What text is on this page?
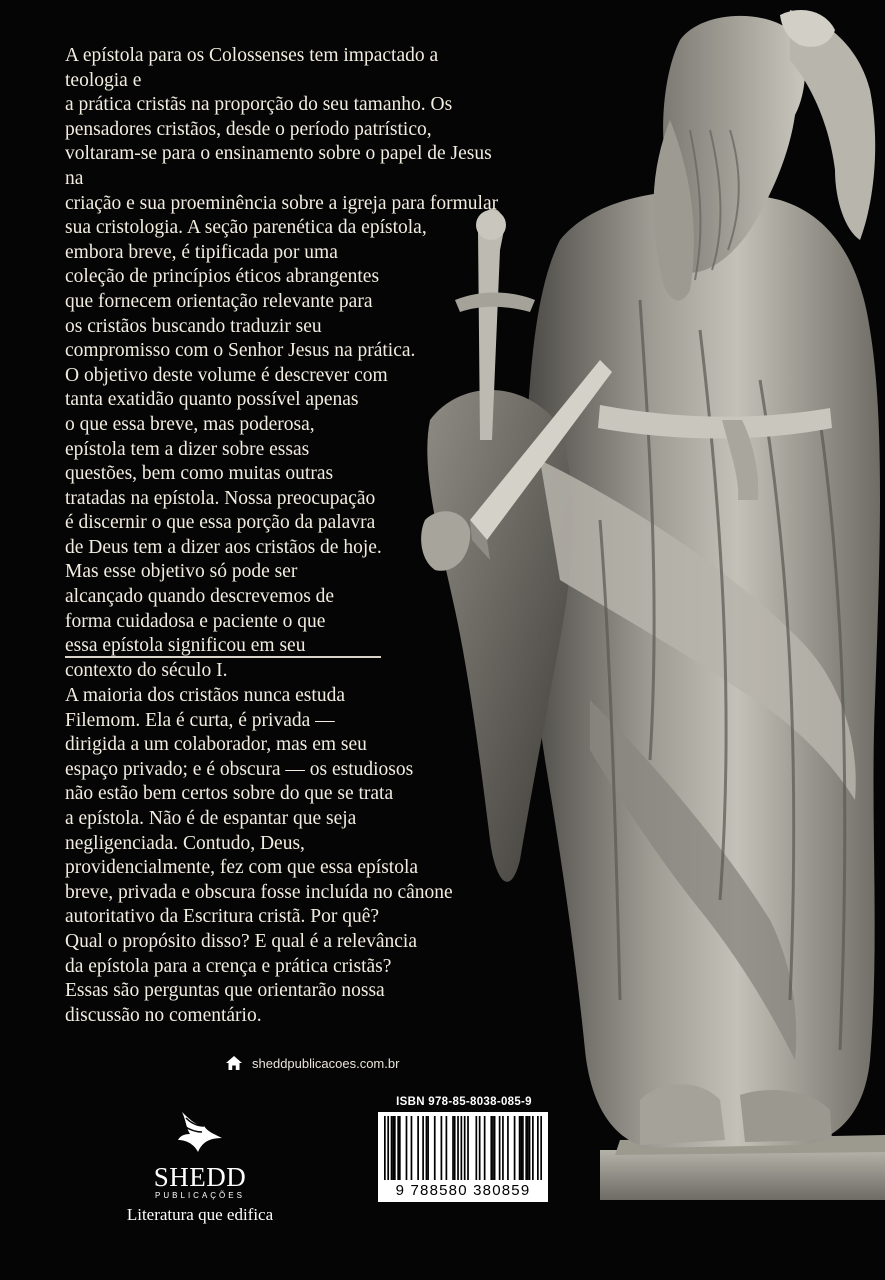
A epístola para os Colossenses tem impactado a teologia e

a prática cristãs na proporção do seu tamanho. Os

pensadores cristãos, desde o período patrístico,

voltaram-se para o ensinamento sobre o papel de Jesus na

criação e sua proeminência sobre a igreja para formular

sua cristologia. A seção parenética da epístola,

embora breve, é tipificada por uma

coleção de princípios éticos abrangentes

que fornecem orientação relevante para

os cristãos buscando traduzir seu

compromisso com o Senhor Jesus na prática.

O objetivo deste volume é descrever com

tanta exatidão quanto possível apenas

o que essa breve, mas poderosa,

epístola tem a dizer sobre essas

questões, bem como muitas outras

tratadas na epístola. Nossa preocupação

é discernir o que essa porção da palavra

de Deus tem a dizer aos cristãos de hoje.

Mas esse objetivo só pode ser

alcançado quando descrevemos de

forma cuidadosa e paciente o que

essa epístola significou em seu

contexto do século I.

A maioria dos cristãos nunca estuda

Filemom. Ela é curta, é privada —

dirigida a um colaborador, mas em seu

espaço privado; e é obscura — os estudiosos

não estão bem certos sobre do que se trata

a epístola. Não é de espantar que seja

negligenciada. Contudo, Deus,

providencialmente, fez com que essa epístola

breve, privada e obscura fosse incluída no cânone

autoritativo da Escritura cristã. Por quê?

Qual o propósito disso? E qual é a relevância

da epístola para a crença e prática cristãs?

Essas são perguntas que orientarão nossa

discussão no comentário.

sheddpublicacoes.com.br
SHEDD
PUBLICAÇÕES
Literatura que edifica
ISBN 978-85-8038-085-9
9 788580 380859
